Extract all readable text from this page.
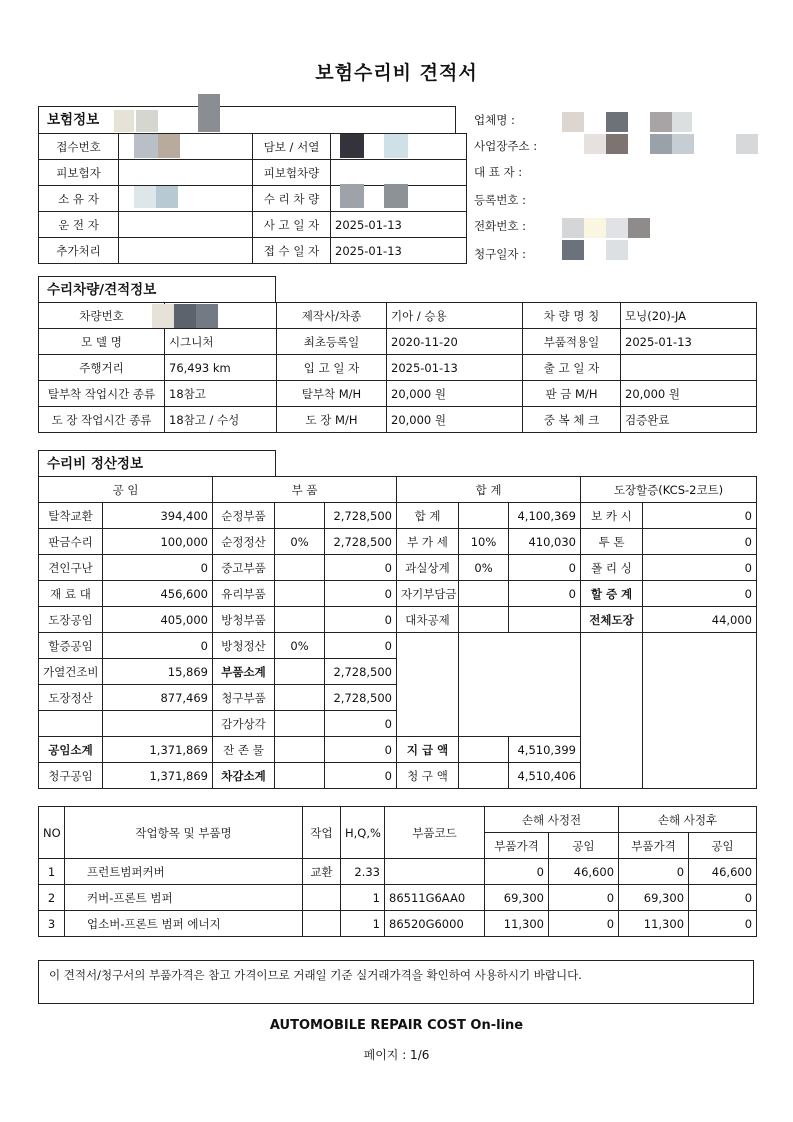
보험수리비 견적서
보험정보
접수번호		담보 / 서열	
피보험자		피보험차량	
소 유 자		수 리 차 량	
운 전 자		사 고 일 자	2025-01-13
추가처리		접 수 일 자	2025-01-13
업체명 :
사업장주소 :
대 표 자 :
등록번호 :
전화번호 :
청구일자 :
수리차량/견적정보
차량번호		제작사/차종	기아 / 승용	차 량 명 칭	모닝(20)-JA
모 델 명	시그니처	최초등록일	2020-11-20	부품적용일	2025-01-13
주행거리	76,493 km	입 고 일 자	2025-01-13	출 고 일 자	
탈부착 작업시간 종류	18참고	탈부착 M/H	20,000 원	판 금 M/H	20,000 원
도 장 작업시간 종류	18참고 / 수성	도 장 M/H	20,000 원	중 복 체 크	검증완료
수리비 정산정보
공 임		부 품			합 계			도장할증(KCS-2코트)	
탈착교환	394,400	순정부품		2,728,500	합 계		4,100,369	보 카 시	0
판금수리	100,000	순정정산	0%	2,728,500	부 가 세	10%	410,030	투 톤	0
견인구난	0	중고부품		0	과실상계	0%	0	폴 리 싱	0
재 료 대	456,600	유리부품		0	자기부담금		0	할 증 계	0
도장공임	405,000	방청부품		0	대차공제			전체도장	44,000
할증공임	0	방청정산	0%	0					
가열건조비	15,869	부품소계		2,728,500					
도장정산	877,469	청구부품		2,728,500					
		감가상각		0					
공임소계	1,371,869	잔 존 물		0	지 급 액		4,510,399		
청구공임	1,371,869	차감소계		0	청 구 액		4,510,406		
NO	작업항목 및 부품명	작업	H,Q,%	부품코드	손해 사정전		손해 사정후	
					부품가격	공임	부품가격	공임
1	프런트범퍼커버	교환	2.33		0	46,600	0	46,600
2	커버-프론트 범퍼		1	86511G6AA0	69,300	0	69,300	0
3	업소버-프론트 범퍼 에너지		1	86520G6000	11,300	0	11,300	0
이 견적서/청구서의 부품가격은 참고 가격이므로 거래일 기준 실거래가격을 확인하여 사용하시기 바랍니다.
AUTOMOBILE REPAIR COST On-line
페이지 : 1/6
